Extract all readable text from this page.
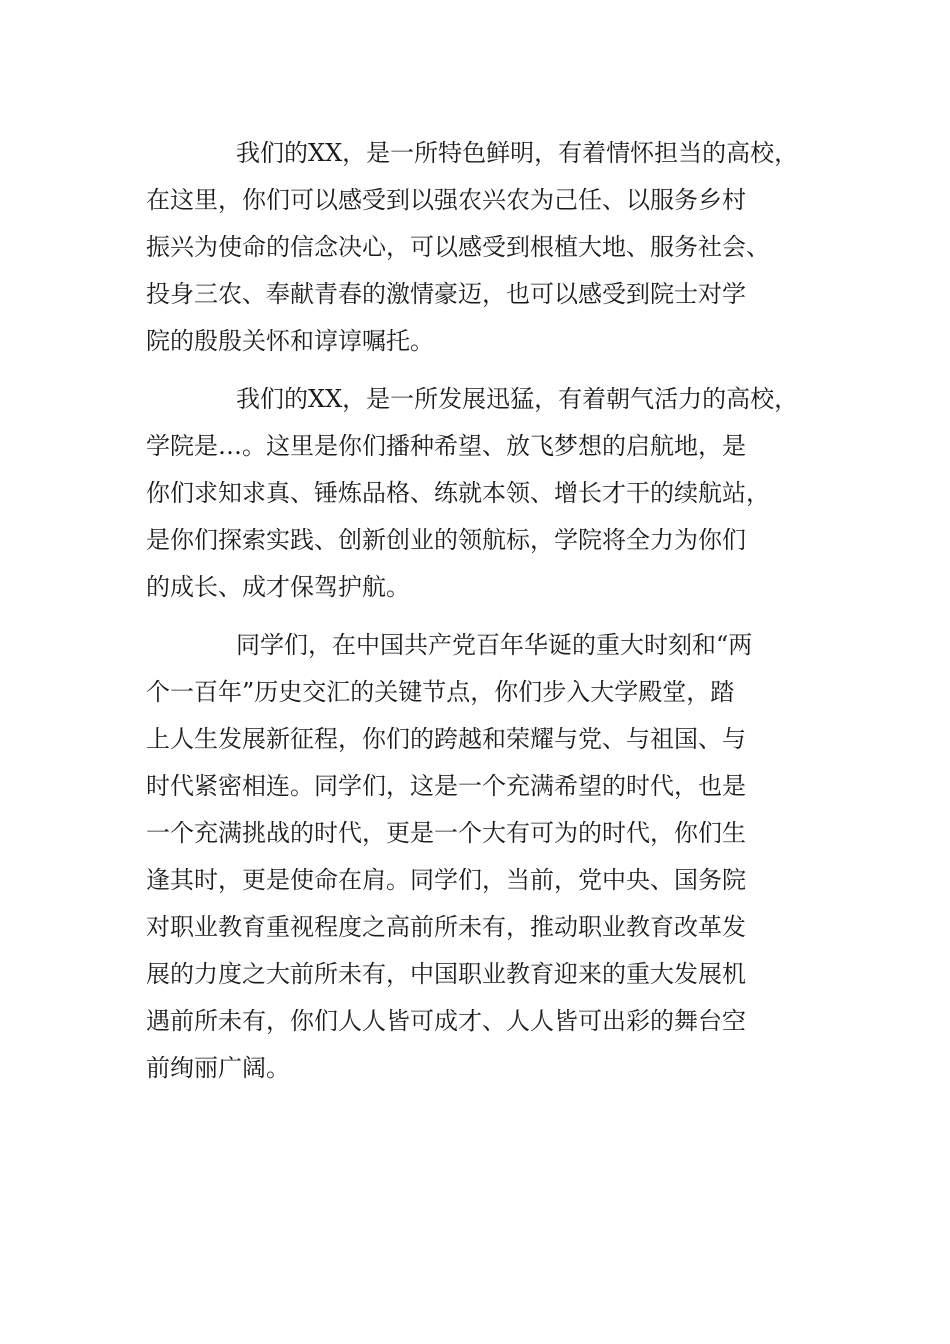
我们的XX，是一所特色鲜明，有着情怀担当的高校，
在这里，你们可以感受到以强农兴农为己任、以服务乡村
振兴为使命的信念决心，可以感受到根植大地、服务社会、
投身三农、奉献青春的激情豪迈，也可以感受到院士对学
院的殷殷关怀和谆谆嘱托。
我们的XX，是一所发展迅猛，有着朝气活力的高校，
学院是…。这里是你们播种希望、放飞梦想的启航地，是
你们求知求真、锤炼品格、练就本领、增长才干的续航站，
是你们探索实践、创新创业的领航标，学院将全力为你们
的成长、成才保驾护航。
同学们，在中国共产党百年华诞的重大时刻和“两
个一百年”历史交汇的关键节点，你们步入大学殿堂，踏
上人生发展新征程，你们的跨越和荣耀与党、与祖国、与
时代紧密相连。同学们，这是一个充满希望的时代，也是
一个充满挑战的时代，更是一个大有可为的时代，你们生
逢其时，更是使命在肩。同学们，当前，党中央、国务院
对职业教育重视程度之高前所未有，推动职业教育改革发
展的力度之大前所未有，中国职业教育迎来的重大发展机
遇前所未有，你们人人皆可成才、人人皆可出彩的舞台空
前绚丽广阔。
